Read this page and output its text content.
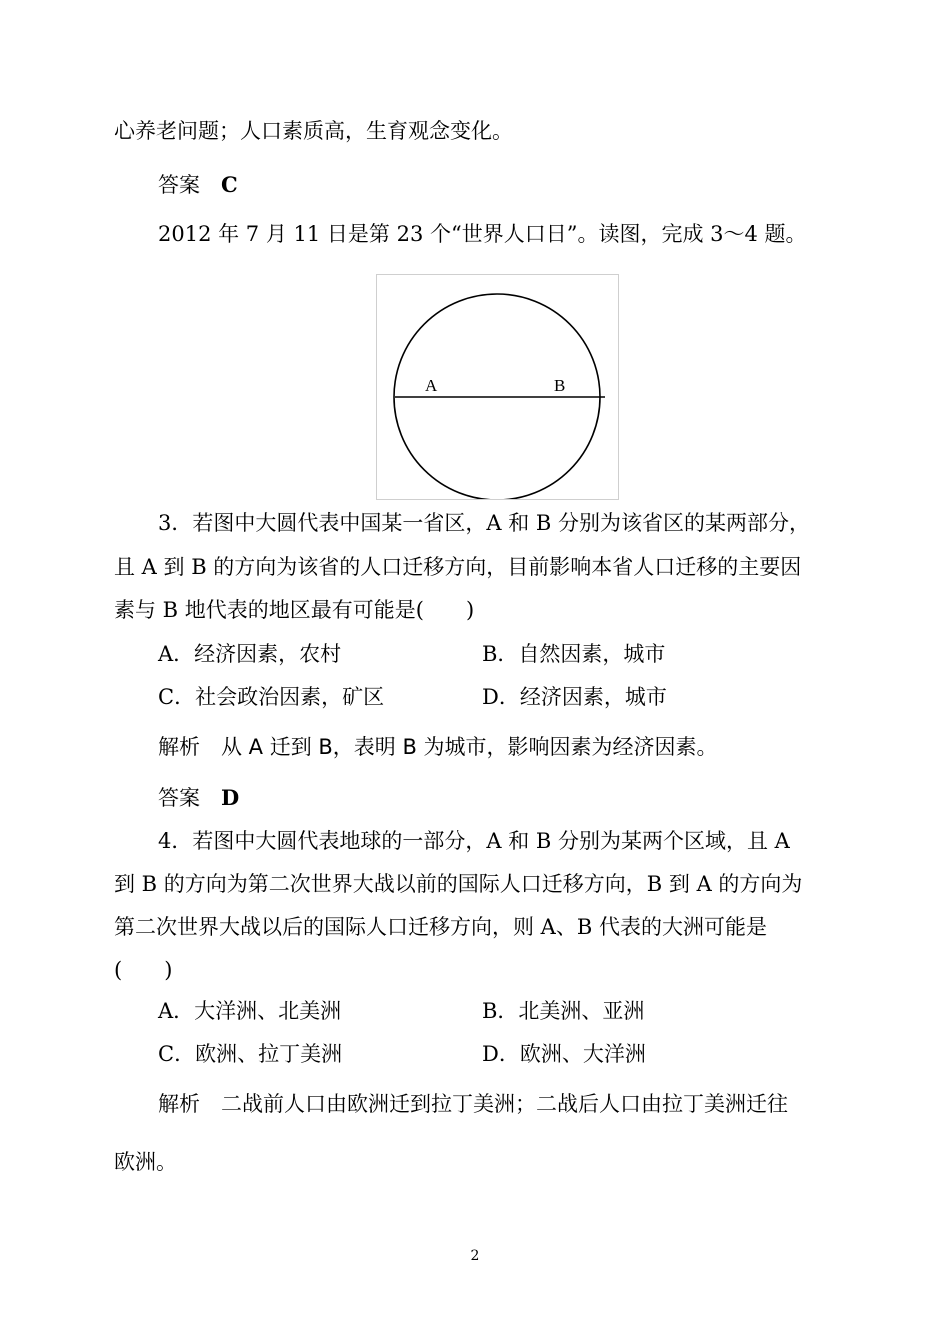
心养老问题；人口素质高，生育观念变化。
答案　 C
2012 年 7 月 11 日是第 23 个“世界人口日”。读图，完成 3～4 题。
A	B
3．若图中大圆代表中国某一省区，A 和 B 分别为该省区的某两部分，
且 A 到 B 的方向为该省的人口迁移方向，目前影响本省人口迁移的主要因
素与 B 地代表的地区最有可能是(　　)
A．经济因素，农村	B．自然因素，城市
C．社会政治因素，矿区	D．经济因素，城市
解析　 从 A 迁到 B，表明 B 为城市，影响因素为经济因素。
答案　 D
4．若图中大圆代表地球的一部分，A 和 B 分别为某两个区域，且 A
到 B 的方向为第二次世界大战以前的国际人口迁移方向，B 到 A 的方向为
第二次世界大战以后的国际人口迁移方向，则 A、B 代表的大洲可能是
(　　)
A．大洋洲、北美洲	B．北美洲、亚洲
C．欧洲、拉丁美洲	D．欧洲、大洋洲
解析　 二战前人口由欧洲迁到拉丁美洲；二战后人口由拉丁美洲迁往
欧洲。
2
